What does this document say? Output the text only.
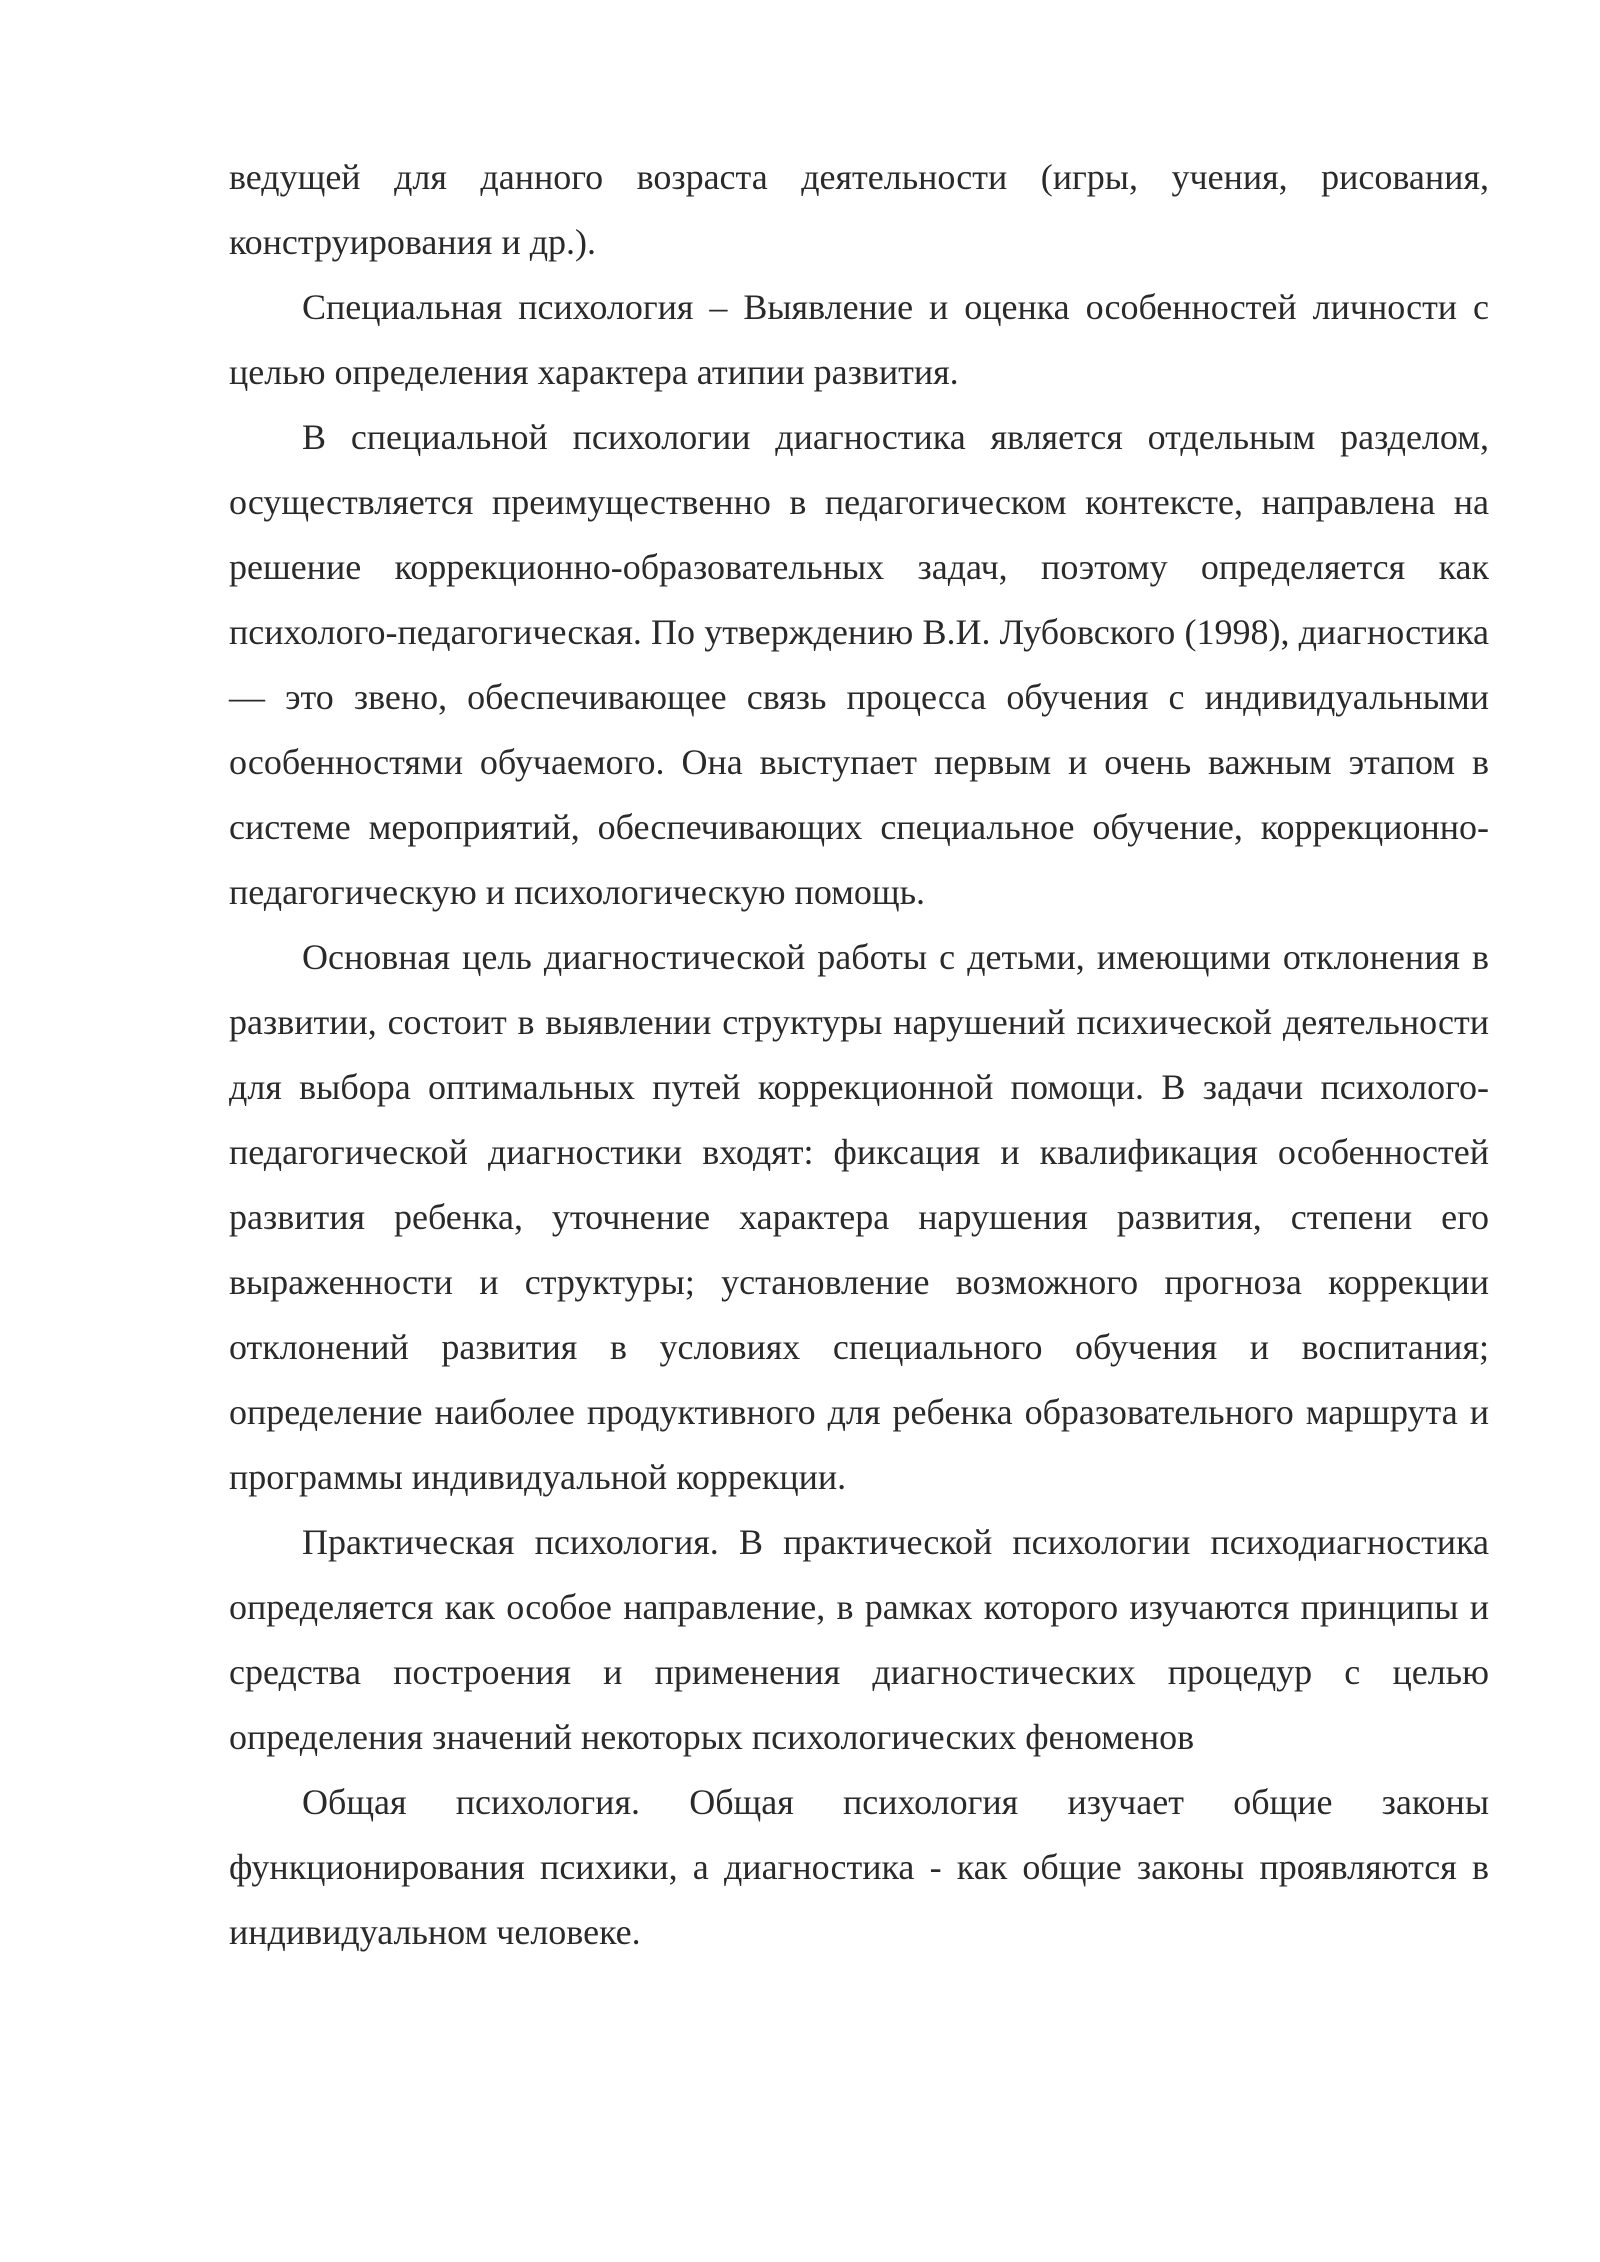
ведущей для данного возраста деятельности (игры, учения, рисования, конструирования и др.).

Специальная психология – Выявление и оценка особенностей личности с целью определения характера атипии развития.

В специальной психологии диагностика является отдельным разделом, осуществляется преимущественно в педагогическом контексте, направлена на решение коррекционно-образовательных задач, поэтому определяется как психолого-педагогическая. По утверждению В.И. Лубовского (1998), диагностика — это звено, обеспечивающее связь процесса обучения с индивидуальными особенностями обучаемого. Она выступает первым и очень важным этапом в системе мероприятий, обеспечивающих специальное обучение, коррекционно-педагогическую и психологическую помощь.

Основная цель диагностической работы с детьми, имеющими отклонения в развитии, состоит в выявлении структуры нарушений психической деятельности для выбора оптимальных путей коррекционной помощи. В задачи психолого-педагогической диагностики входят: фиксация и квалификация особенностей развития ребенка, уточнение характера нарушения развития, степени его выраженности и структуры; установление возможного прогноза коррекции отклонений развития в условиях специального обучения и воспитания; определение наиболее продуктивного для ребенка образовательного маршрута и программы индивидуальной коррекции.

Практическая психология. В практической психологии психодиагностика определяется как особое направление, в рамках которого изучаются принципы и средства построения и применения диагностических процедур с целью определения значений некоторых психологических феноменов

Общая психология. Общая психология изучает общие законы функционирования психики, а диагностика - как общие законы проявляются в индивидуальном человеке.
